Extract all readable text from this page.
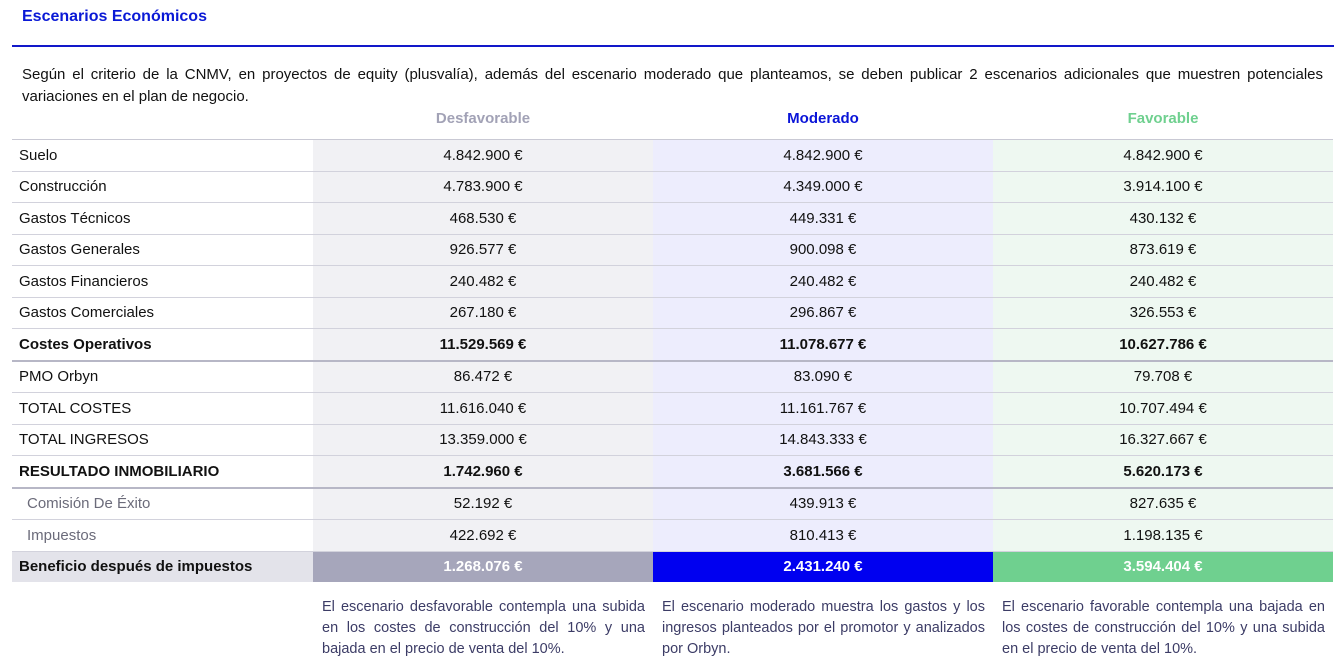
Escenarios Económicos
Según el criterio de la CNMV, en proyectos de equity (plusvalía), además del escenario moderado que planteamos, se deben publicar 2 escenarios adicionales que muestren potenciales variaciones en el plan de negocio.
Desfavorable	Moderado	Favorable
Suelo	4.842.900 €	4.842.900 €	4.842.900 €
Construcción	4.783.900 €	4.349.000 €	3.914.100 €
Gastos Técnicos	468.530 €	449.331 €	430.132 €
Gastos Generales	926.577 €	900.098 €	873.619 €
Gastos Financieros	240.482 €	240.482 €	240.482 €
Gastos Comerciales	267.180 €	296.867 €	326.553 €
Costes Operativos	11.529.569 €	11.078.677 €	10.627.786 €
PMO Orbyn	86.472 €	83.090 €	79.708 €
TOTAL COSTES	11.616.040 €	11.161.767 €	10.707.494 €
TOTAL INGRESOS	13.359.000 €	14.843.333 €	16.327.667 €
RESULTADO INMOBILIARIO	1.742.960 €	3.681.566 €	5.620.173 €
Comisión De Éxito	52.192 €	439.913 €	827.635 €
Impuestos	422.692 €	810.413 €	1.198.135 €
Beneficio después de impuestos	1.268.076 €	2.431.240 €	3.594.404 €
El escenario desfavorable contempla una subida en los costes de construcción del 10% y una bajada en el precio de venta del 10%.
El escenario moderado muestra los gastos y los ingresos planteados por el promotor y analizados por Orbyn.
El escenario favorable contempla una bajada en los costes de construcción del 10% y una subida en el precio de venta del 10%.
